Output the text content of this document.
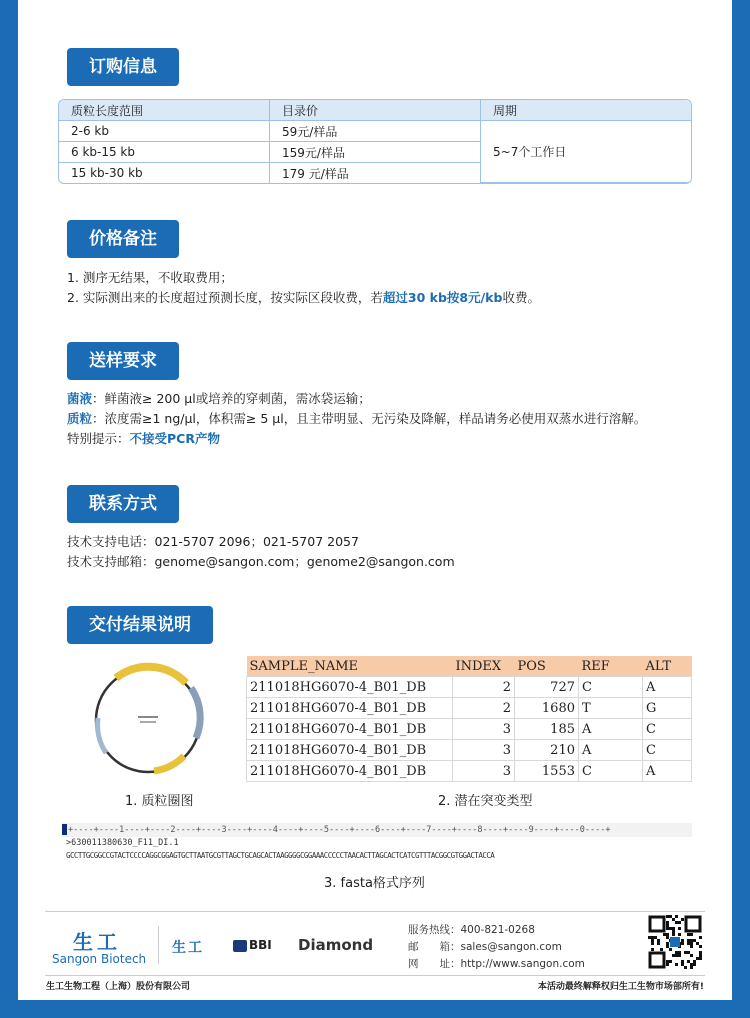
订购信息
质粒长度范围	目录价	周期
2-6 kb	59元/样品	5~7个工作日
6 kb-15 kb	159元/样品	
15 kb-30 kb	179 元/样品	
价格备注
1. 测序无结果，不收取费用；
2. 实际测出来的长度超过预测长度，按实际区段收费，若超过30 kb按8元/kb收费。
送样要求
菌液：鲜菌液≥ 200 μl或培养的穿刺菌，需冰袋运输；
质粒：浓度需≥1 ng/μl，体积需≥ 5 μl，且主带明显、无污染及降解，样品请务必使用双蒸水进行溶解。
特别提示：不接受PCR产物
联系方式
技术支持电话：021-5707 2096；021-5707 2057
技术支持邮箱：genome@sangon.com；genome2@sangon.com
交付结果说明
SAMPLE_NAME	INDEX	POS	REF	ALT
211018HG6070-4_B01_DB	2	727	C	A
211018HG6070-4_B01_DB	2	1680	T	G
211018HG6070-4_B01_DB	3	185	A	C
211018HG6070-4_B01_DB	3	210	A	C
211018HG6070-4_B01_DB	3	1553	C	A
1. 质粒圈图	2. 潜在突变类型
+----+----1----+----2----+----3----+----4----+----5----+----6----+----7----+----8----+----9----+----0----+
>630011380630_F11_DI.1
GCCTTGCGGCCGTACTCCCCAGGCGGAGTGCTTAATGCGTTAGCTGCAGCACTAAGGGGCGGAAACCCCCTAACACTTAGCACTCATCGTTTACGGCGTGGACTACCA
3. fasta格式序列
生工
Sangon Biotech
生工	BBI Diamond
服务热线：400-821-0268
邮　　箱：sales@sangon.com
网　　址：http://www.sangon.com
生工生物工程（上海）股份有限公司	本活动最终解释权归生工生物市场部所有!
